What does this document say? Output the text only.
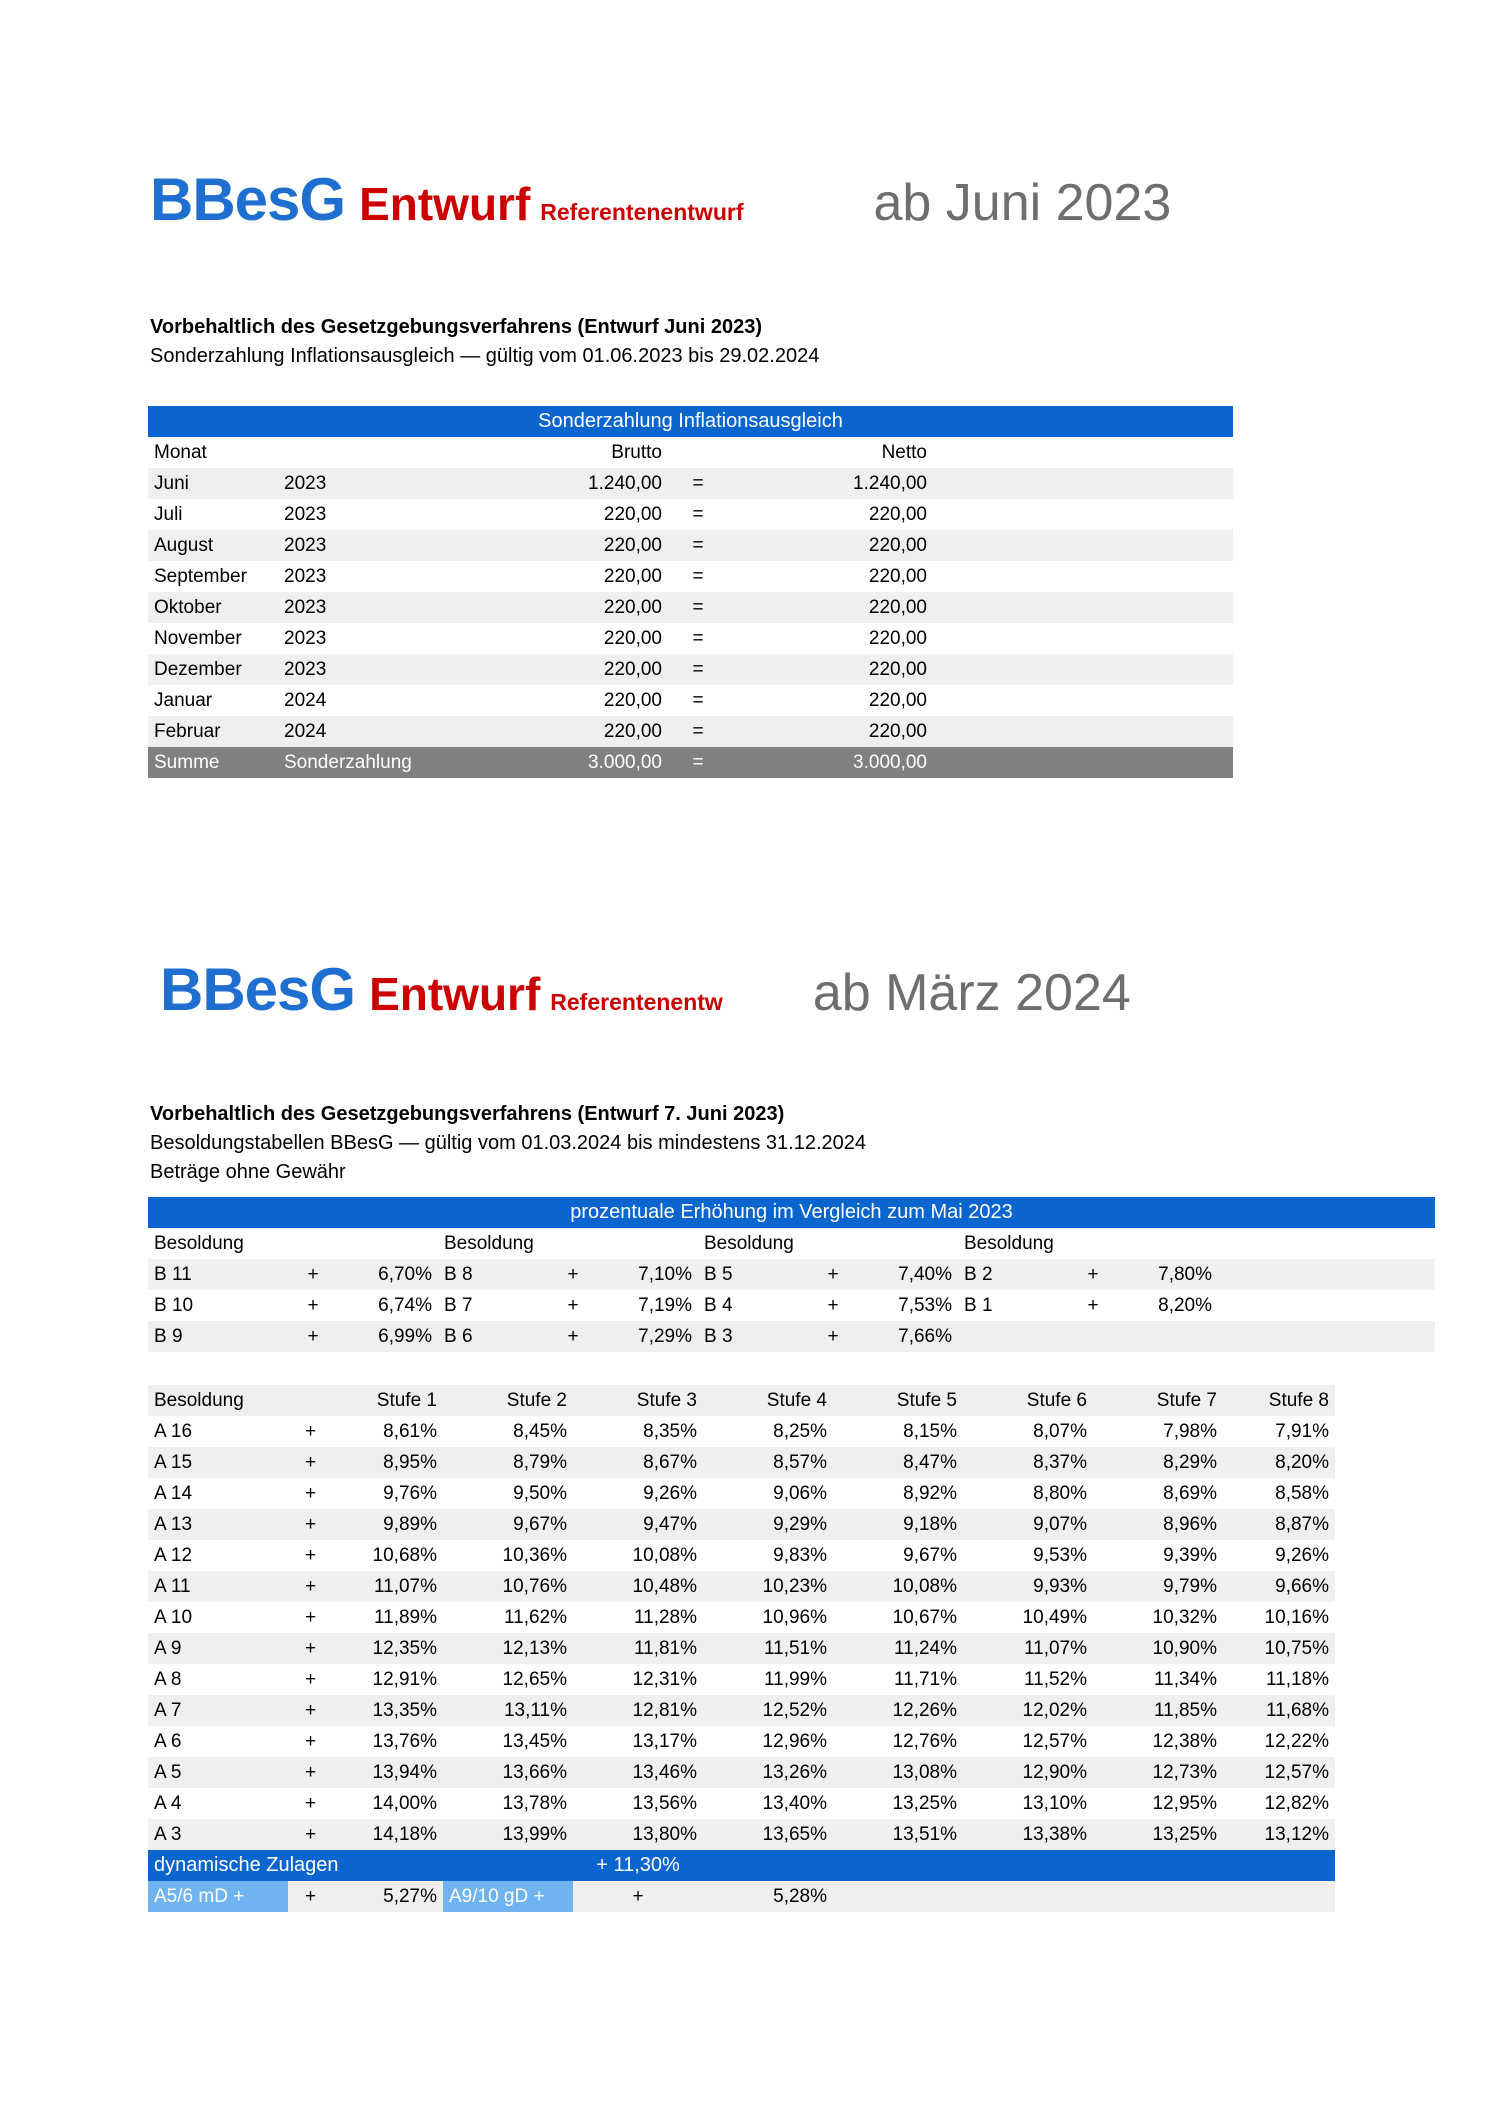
BBesG Entwurf Referentenentwurf	ab Juni 2023
Vorbehaltlich des Gesetzgebungsverfahrens (Entwurf Juni 2023)
Sonderzahlung Inflationsausgleich — gültig vom 01.06.2023 bis 29.02.2024
Sonderzahlung Inflationsausgleich					
Monat		Brutto		Netto	
Juni	2023	1.240,00	=	1.240,00	
Juli	2023	220,00	=	220,00	
August	2023	220,00	=	220,00	
September	2023	220,00	=	220,00	
Oktober	2023	220,00	=	220,00	
November	2023	220,00	=	220,00	
Dezember	2023	220,00	=	220,00	
Januar	2024	220,00	=	220,00	
Februar	2024	220,00	=	220,00	
Summe	Sonderzahlung	3.000,00	=	3.000,00	
BBesG Entwurf Referentenentw ab März 2024
Vorbehaltlich des Gesetzgebungsverfahrens (Entwurf 7. Juni 2023)
Besoldungstabellen BBesG — gültig vom 01.03.2024 bis mindestens 31.12.2024
Beträge ohne Gewähr
prozentuale Erhöhung im Vergleich zum Mai 2023												
Besoldung			Besoldung			Besoldung			Besoldung			
B 11	+	6,70%	B 8	+	7,10%	B 5	+	7,40%	B 2	+	7,80%	
B 10	+	6,74%	B 7	+	7,19%	B 4	+	7,53%	B 1	+	8,20%	
B 9	+	6,99%	B 6	+	7,29%	B 3	+	7,66%				
Besoldung		Stufe 1	Stufe 2	Stufe 3	Stufe 4	Stufe 5	Stufe 6	Stufe 7	Stufe 8
A 16	+	8,61%	8,45%	8,35%	8,25%	8,15%	8,07%	7,98%	7,91%
A 15	+	8,95%	8,79%	8,67%	8,57%	8,47%	8,37%	8,29%	8,20%
A 14	+	9,76%	9,50%	9,26%	9,06%	8,92%	8,80%	8,69%	8,58%
A 13	+	9,89%	9,67%	9,47%	9,29%	9,18%	9,07%	8,96%	8,87%
A 12	+	10,68%	10,36%	10,08%	9,83%	9,67%	9,53%	9,39%	9,26%
A 11	+	11,07%	10,76%	10,48%	10,23%	10,08%	9,93%	9,79%	9,66%
A 10	+	11,89%	11,62%	11,28%	10,96%	10,67%	10,49%	10,32%	10,16%
A 9	+	12,35%	12,13%	11,81%	11,51%	11,24%	11,07%	10,90%	10,75%
A 8	+	12,91%	12,65%	12,31%	11,99%	11,71%	11,52%	11,34%	11,18%
A 7	+	13,35%	13,11%	12,81%	12,52%	12,26%	12,02%	11,85%	11,68%
A 6	+	13,76%	13,45%	13,17%	12,96%	12,76%	12,57%	12,38%	12,22%
A 5	+	13,94%	13,66%	13,46%	13,26%	13,08%	12,90%	12,73%	12,57%
A 4	+	14,00%	13,78%	13,56%	13,40%	13,25%	13,10%	12,95%	12,82%
A 3	+	14,18%	13,99%	13,80%	13,65%	13,51%	13,38%	13,25%	13,12%
dynamische Zulagen			+ 11,30%						
A5/6 mD +	+	5,27%	A9/10 gD +	+	5,28%				
